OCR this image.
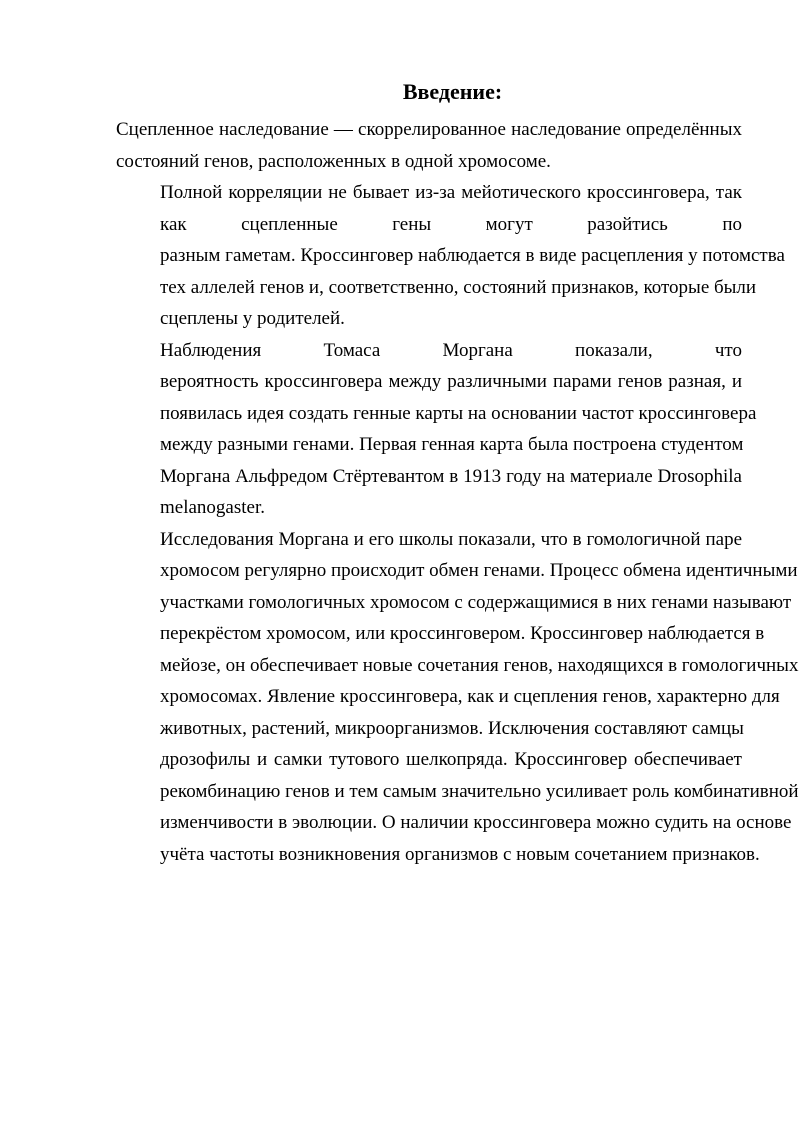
Введение:

Сцепленное наследование — скоррелированное наследование определённых
состояний генов, расположенных в одной хромосоме.

Полной корреляции не бывает из-за мейотического кроссинговера, так
как сцепленные гены могут разойтись по
разным гаметам. Кроссинговер наблюдается в виде расцепления у потомства
тех аллелей генов и, соответственно, состояний признаков, которые были
сцеплены у родителей.

Наблюдения Томаса Моргана показали, что
вероятность кроссинговера между различными парами генов разная, и
появилась идея создать генные карты на основании частот кроссинговера
между разными генами. Первая генная карта была построена студентом
Моргана Альфредом Стёртевантом в 1913 году на материале Drosophila
melanogaster.

Исследования Моргана и его школы показали, что в гомологичной паре
хромосом регулярно происходит обмен генами. Процесс обмена идентичными
участками гомологичных хромосом с содержащимися в них генами называют
перекрёстом хромосом, или кроссинговером. Кроссинговер наблюдается в
мейозе, он обеспечивает новые сочетания генов, находящихся в гомологичных
хромосомах. Явление кроссинговера, как и сцепления генов, характерно для
животных, растений, микроорганизмов. Исключения составляют самцы
дрозофилы и самки тутового шелкопряда. Кроссинговер обеспечивает
рекомбинацию генов и тем самым значительно усиливает роль комбинативной
изменчивости в эволюции. О наличии кроссинговера можно судить на основе
учёта частоты возникновения организмов с новым сочетанием признаков.
